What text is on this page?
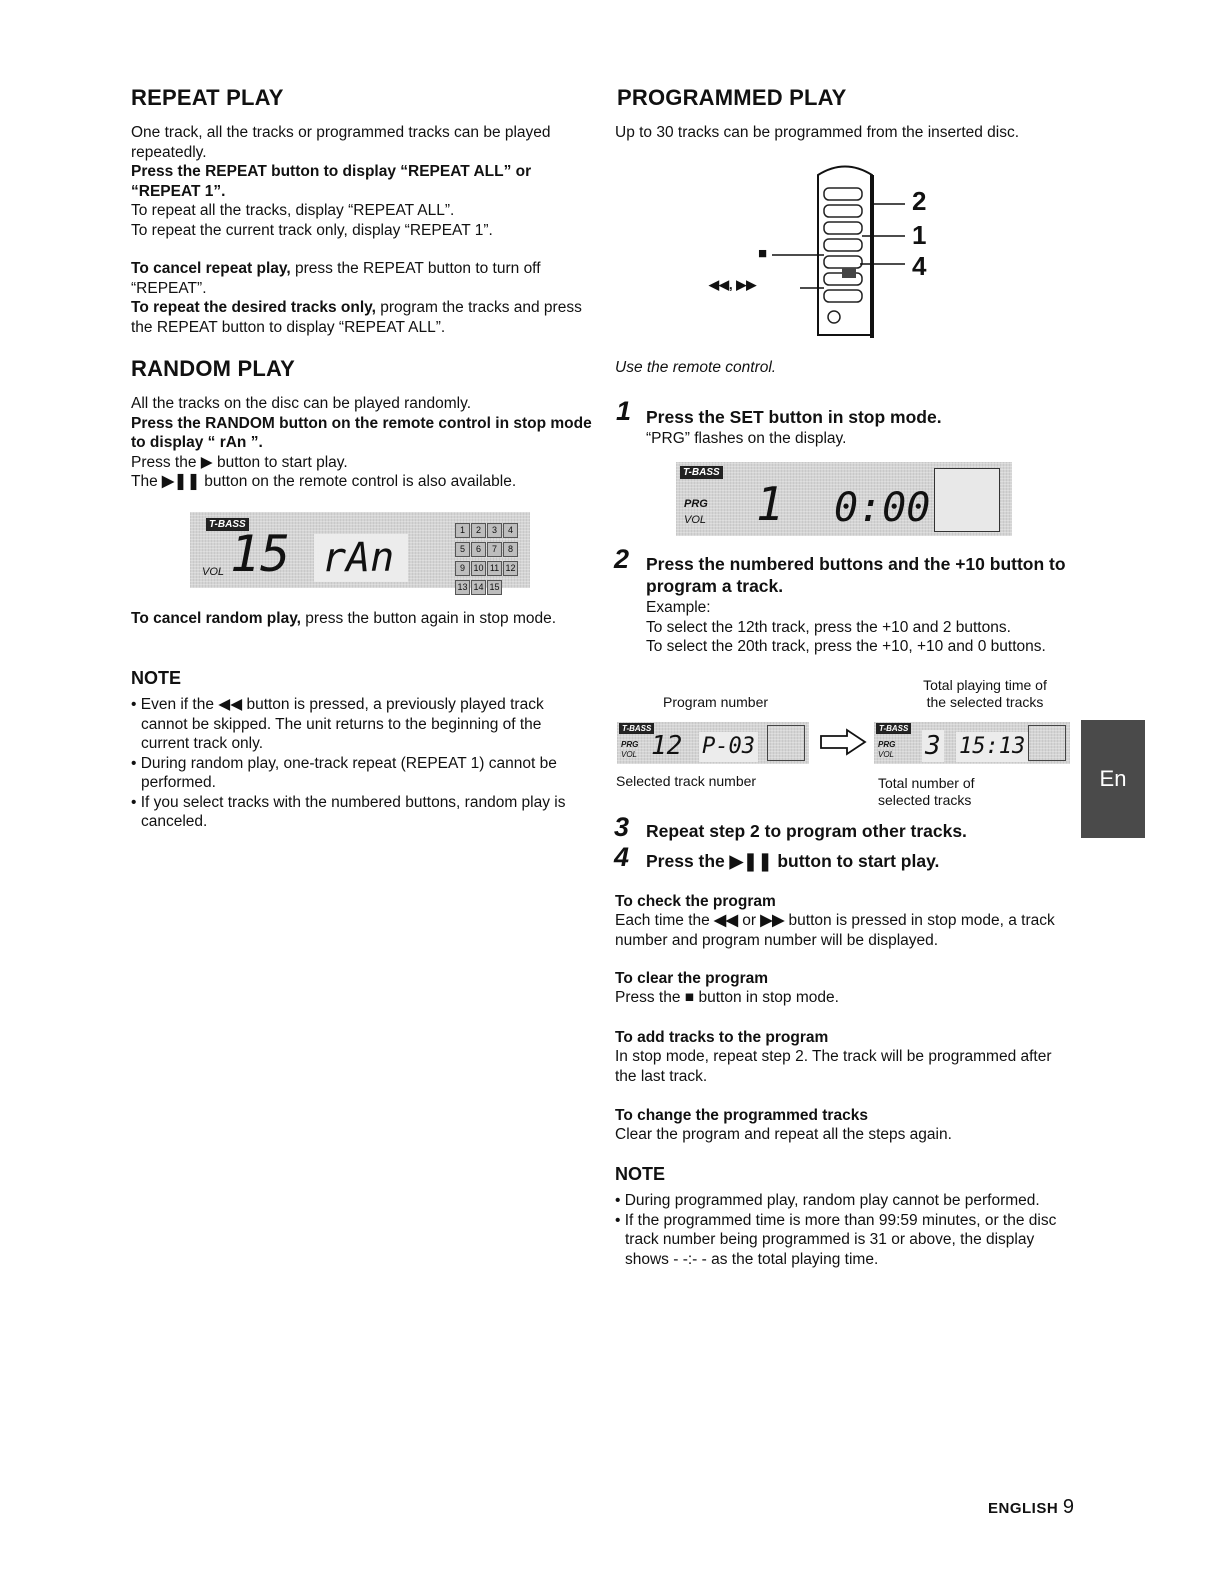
REPEAT PLAY

One track, all the tracks or programmed tracks can be played repeatedly.

Press the REPEAT button to display “REPEAT ALL” or “REPEAT 1”.

To repeat all the tracks, display “REPEAT ALL”.

To repeat the current track only, display “REPEAT 1”.

To cancel repeat play, press the REPEAT button to turn off “REPEAT”.

To repeat the desired tracks only, program the tracks and press the REPEAT button to display “REPEAT ALL”.

RANDOM PLAY

All the tracks on the disc can be played randomly.

Press the RANDOM button on the remote control in stop mode to display “ rAn ”.

Press the ▶ button to start play.

The ▶❚❚ button on the remote control is also available.

T-BASS
VOL 15 rAn
1 2 3 45 6 7 89 10 11 1213 14 15

To cancel random play, press the button again in stop mode.

NOTE
• Even if the ◀◀ button is pressed, a previously played track cannot be skipped. The unit returns to the beginning of the current track only.
• During random play, one-track repeat (REPEAT 1) cannot be performed.
• If you select tracks with the numbered buttons, random play is canceled.
PROGRAMMED PLAY
Up to 30 tracks can be programmed from the inserted disc.
2
1
4
■
◀◀, ▶▶
Use the remote control.
1 Press the SET button in stop mode.
“PRG” flashes on the display.
T-BASS
PRG
VOL 1 0:00
2 Press the numbered buttons and the +10 button to program a track.

Example:

To select the 12th track, press the +10 and 2 buttons.

To select the 20th track, press the +10, +10 and 0 buttons.

Program number
Total playing time of the selected tracks
T-BASS
PRG
VOL 12 P-03
T-BASS
PRG
VOL 3 15:13
Selected track number	Total number of selected tracks
3 Repeat step 2 to program other tracks.
4 Press the ▶❚❚ button to start play.
To check the program

Each time the ◀◀ or ▶▶ button is pressed in stop mode, a track number and program number will be displayed.

To clear the program

Press the ■ button in stop mode.

To add tracks to the program

In stop mode, repeat step 2. The track will be programmed after the last track.

To change the programmed tracks

Clear the program and repeat all the steps again.

NOTE
• During programmed play, random play cannot be performed.
• If the programmed time is more than 99:59 minutes, or the disc track number being programmed is 31 or above, the display shows - -:- - as the total playing time.
En
ENGLISH 9
